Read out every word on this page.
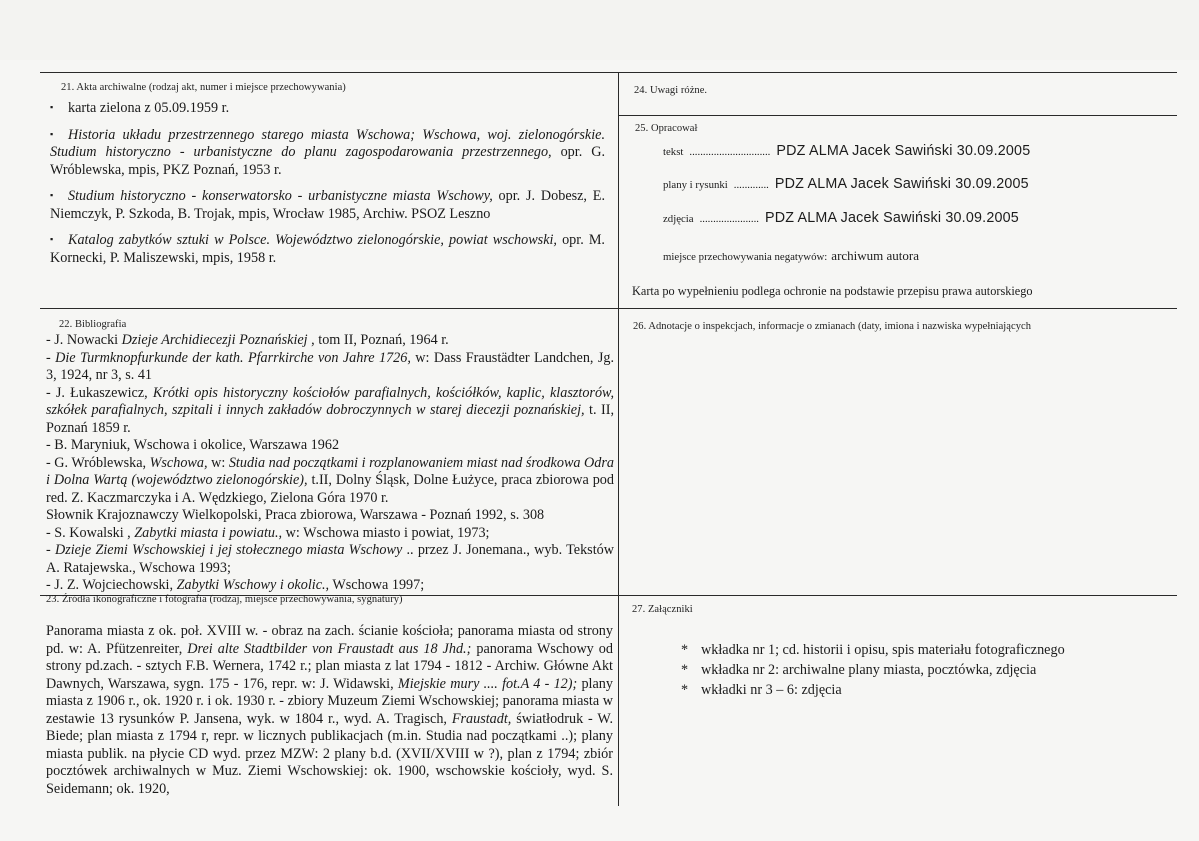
21. Akta archiwalne (rodzaj akt, numer i miejsce przechowywania)
▪ karta zielona z 05.09.1959 r.
▪ Historia układu przestrzennego starego miasta Wschowa; Wschowa, woj. zielonogórskie. Studium historyczno - urbanistyczne do planu zagospodarowania przestrzennego, opr. G. Wróblewska, mpis, PKZ Poznań, 1953 r.
▪ Studium historyczno - konserwatorsko - urbanistyczne miasta Wschowy, opr. J. Dobesz, E. Niemczyk, P. Szkoda, B. Trojak, mpis, Wrocław 1985, Archiw. PSOZ Leszno
▪ Katalog zabytków sztuki w Polsce. Województwo zielonogórskie, powiat wschowski, opr. M. Kornecki, P. Maliszewski, mpis, 1958 r.
24. Uwagi różne.
25. Opracował
tekst .............................. PDZ ALMA Jacek Sawiński 30.09.2005
plany i rysunki ............. PDZ ALMA Jacek Sawiński 30.09.2005
zdjęcia ...................... PDZ ALMA Jacek Sawiński 30.09.2005
miejsce przechowywania negatywów: archiwum autora
Karta po wypełnieniu podlega ochronie na podstawie przepisu prawa autorskiego
22. Bibliografia
- J. Nowacki Dzieje Archidiecezji Poznańskiej , tom II, Poznań, 1964 r.
- Die Turmknopfurkunde der kath. Pfarrkirche von Jahre 1726, w: Dass Fraustädter Landchen, Jg. 3, 1924, nr 3, s. 41
- J. Łukaszewicz, Krótki opis historyczny kościołów parafialnych, kościółków, kaplic, klasztorów, szkółek parafialnych, szpitali i innych zakładów dobroczynnych w starej diecezji poznańskiej, t. II, Poznań 1859 r.
- B. Maryniuk, Wschowa i okolice, Warszawa 1962
- G. Wróblewska, Wschowa, w: Studia nad początkami i rozplanowaniem miast nad środkowa Odra i Dolna Wartą (województwo zielonogórskie), t.II, Dolny Śląsk, Dolne Łużyce, praca zbiorowa pod red. Z. Kaczmarczyka i A. Wędzkiego, Zielona Góra 1970 r.
Słownik Krajoznawczy Wielkopolski, Praca zbiorowa, Warszawa - Poznań 1992, s. 308
- S. Kowalski , Zabytki miasta i powiatu., w: Wschowa miasto i powiat, 1973;
- Dzieje Ziemi Wschowskiej i jej stołecznego miasta Wschowy .. przez J. Jonemana., wyb. Tekstów A. Ratajewska., Wschowa 1993;
- J. Z. Wojciechowski, Zabytki Wschowy i okolic., Wschowa 1997;
26. Adnotacje o inspekcjach, informacje o zmianach (daty, imiona i nazwiska wypełniających
23. Źródła ikonograficzne i fotografia (rodzaj, miejsce przechowywania, sygnatury)
Panorama miasta z ok. poł. XVIII w. - obraz na zach. ścianie kościoła; panorama miasta od strony pd. w: A. Pfützenreiter, Drei alte Stadtbilder von Fraustadt aus 18 Jhd.; panorama Wschowy od strony pd.zach. - sztych F.B. Wernera, 1742 r.; plan miasta z lat 1794 - 1812 - Archiw. Główne Akt Dawnych, Warszawa, sygn. 175 - 176, repr. w: J. Widawski, Miejskie mury .... fot.A 4 - 12); plany miasta z 1906 r., ok. 1920 r. i ok. 1930 r. - zbiory Muzeum Ziemi Wschowskiej; panorama miasta w zestawie 13 rysunków P. Jansena, wyk. w 1804 r., wyd. A. Tragisch, Fraustadt, światłodruk - W. Biede; plan miasta z 1794 r, repr. w licznych publikacjach (m.in. Studia nad początkami ..); plany miasta publik. na płycie CD wyd. przez MZW: 2 plany b.d. (XVII/XVIII w ?), plan z 1794; zbiór pocztówek archiwalnych w Muz. Ziemi Wschowskiej: ok. 1900, wschowskie kościoły, wyd. S. Seidemann; ok. 1920,
27. Załączniki
* wkładka nr 1; cd. historii i opisu, spis materiału fotograficznego
* wkładka nr 2: archiwalne plany miasta, pocztówka, zdjęcia
* wkładki nr 3 – 6: zdjęcia
